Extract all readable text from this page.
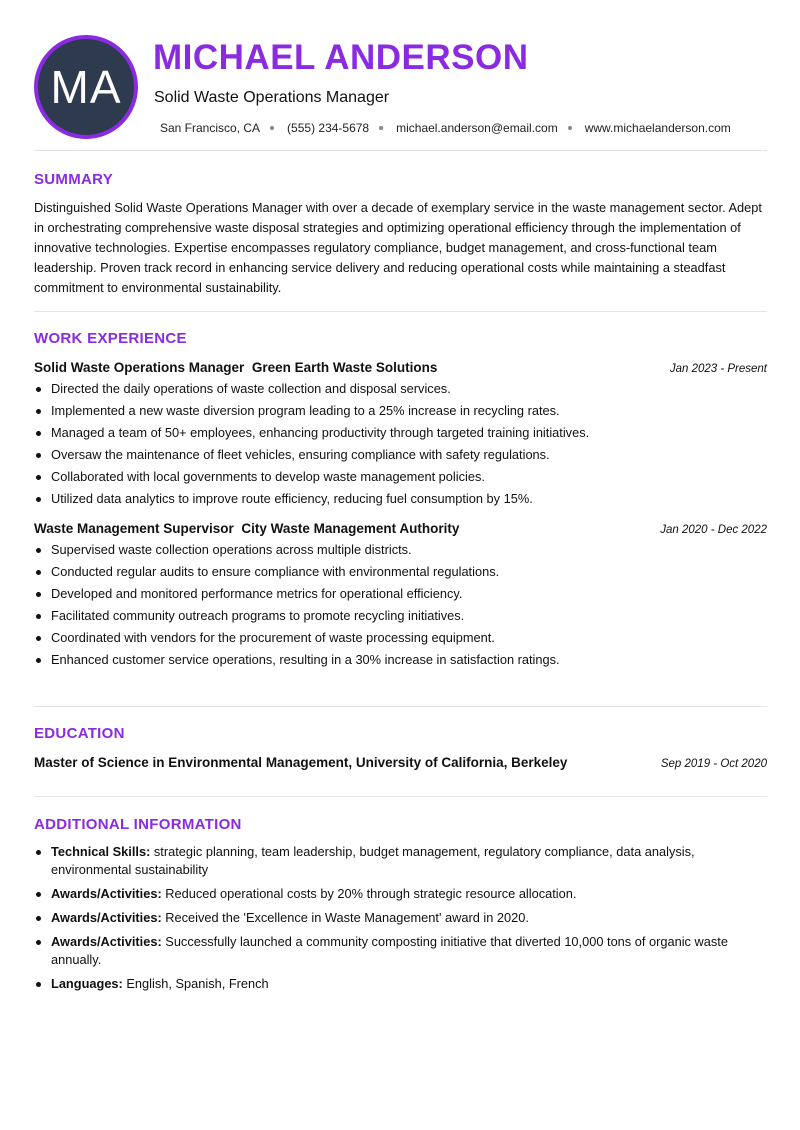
MA
MICHAEL ANDERSON
Solid Waste Operations Manager
San Francisco, CA (555) 234-5678 michael.anderson@email.com www.michaelanderson.com
SUMMARY
Distinguished Solid Waste Operations Manager with over a decade of exemplary service in the waste management sector. Adept in orchestrating comprehensive waste disposal strategies and optimizing operational efficiency through the implementation of innovative technologies. Expertise encompasses regulatory compliance, budget management, and cross-functional team leadership. Proven track record in enhancing service delivery and reducing operational costs while maintaining a steadfast commitment to environmental sustainability.
WORK EXPERIENCE
Solid Waste Operations Manager Green Earth Waste Solutions	Jan 2023 - Present
Directed the daily operations of waste collection and disposal services.
Implemented a new waste diversion program leading to a 25% increase in recycling rates.
Managed a team of 50+ employees, enhancing productivity through targeted training initiatives.
Oversaw the maintenance of fleet vehicles, ensuring compliance with safety regulations.
Collaborated with local governments to develop waste management policies.
Utilized data analytics to improve route efficiency, reducing fuel consumption by 15%.
Waste Management Supervisor City Waste Management Authority	Jan 2020 - Dec 2022
Supervised waste collection operations across multiple districts.
Conducted regular audits to ensure compliance with environmental regulations.
Developed and monitored performance metrics for operational efficiency.
Facilitated community outreach programs to promote recycling initiatives.
Coordinated with vendors for the procurement of waste processing equipment.
Enhanced customer service operations, resulting in a 30% increase in satisfaction ratings.
EDUCATION
Master of Science in Environmental Management, University of California, Berkeley	Sep 2019 - Oct 2020
ADDITIONAL INFORMATION
Technical Skills: strategic planning, team leadership, budget management, regulatory compliance, data analysis, environmental sustainability
Awards/Activities: Reduced operational costs by 20% through strategic resource allocation.
Awards/Activities: Received the 'Excellence in Waste Management' award in 2020.
Awards/Activities: Successfully launched a community composting initiative that diverted 10,000 tons of organic waste annually.
Languages: English, Spanish, French
